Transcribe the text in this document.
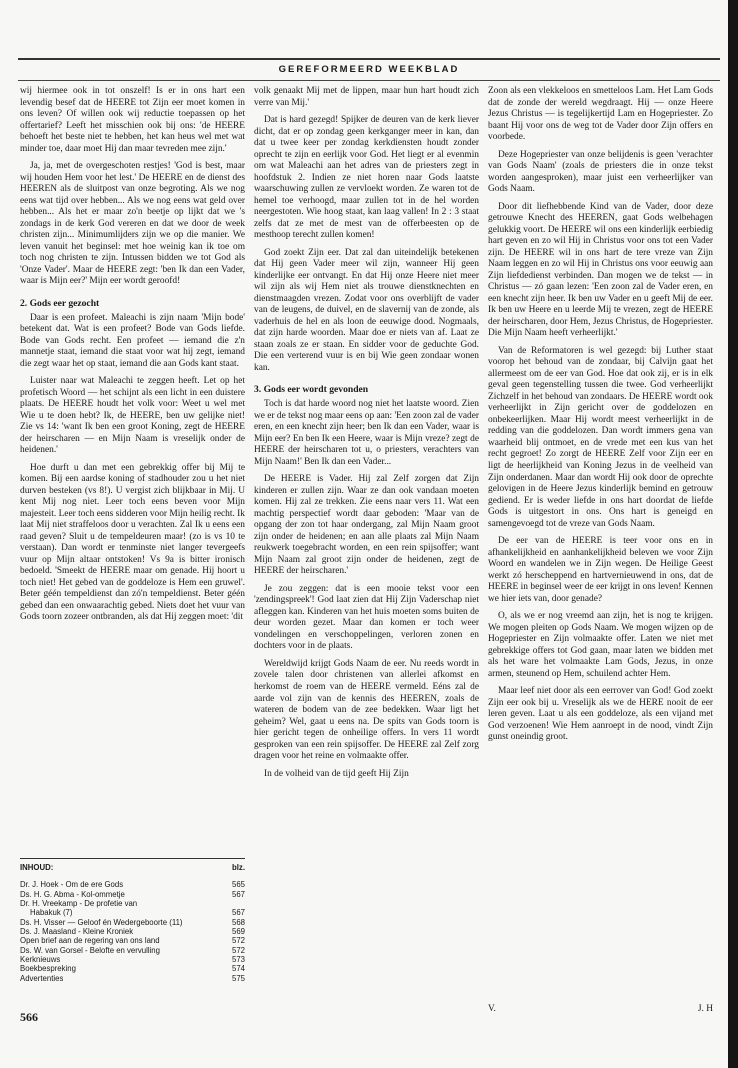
GEREFORMEERD WEEKBLAD

wij hiermee ook in tot onszelf! Is er in ons hart een levendig besef dat de HEERE tot Zijn eer moet komen in ons leven? Of willen ook wij reductie toepassen op het offertarief? Leeft het misschien ook bij ons: 'de HEERE behoeft het beste niet te hebben, het kan heus wel met wat minder toe, daar moet Hij dan maar tevreden mee zijn.'

Ja, ja, met de overgeschoten restjes! 'God is best, maar wij houden Hem voor het lest.' De HEERE en de dienst des HEEREN als de sluitpost van onze begroting. Als we nog eens wat tijd over hebben... Als we nog eens wat geld over hebben... Als het er maar zo'n beetje op lijkt dat we 's zondags in de kerk God vereren en dat we door de week christen zijn... Minimumlijders zijn we op die manier. We leven vanuit het beginsel: met hoe weinig kan ik toe om toch nog christen te zijn. Intussen bidden we tot God als 'Onze Vader'. Maar de HEERE zegt: 'ben Ik dan een Vader, waar is Mijn eer?' Mijn eer wordt geroofd!

2. Gods eer gezocht

Daar is een profeet. Maleachi is zijn naam 'Mijn bode' betekent dat. Wat is een profeet? Bode van Gods liefde. Bode van Gods recht. Een profeet — iemand die z'n mannetje staat, iemand die staat voor wat hij zegt, iemand die zegt waar het op staat, iemand die aan Gods kant staat.

Luister naar wat Maleachi te zeggen heeft. Let op het profetisch Woord — het schijnt als een licht in een duistere plaats. De HEERE houdt het volk voor: Weet u wel met Wie u te doen hebt? Ik, de HEERE, ben uw gelijke niet! Zie vs 14: 'want Ik ben een groot Koning, zegt de HEERE der heirscharen — en Mijn Naam is vreselijk onder de heidenen.'

Hoe durft u dan met een gebrekkig offer bij Mij te komen. Bij een aardse koning of stadhouder zou u het niet durven besteken (vs 8!). U vergist zich blijkbaar in Mij. U kent Mij nog niet. Leer toch eens beven voor Mijn majesteit. Leer toch eens sidderen voor Mijn heilig recht. Ik laat Mij niet straffeloos door u verachten. Zal Ik u eens een raad geven? Sluit u de tempeldeuren maar! (zo is vs 10 te verstaan). Dan wordt er tenminste niet langer tevergeefs vuur op Mijn altaar ontstoken! Vs 9a is bitter ironisch bedoeld. 'Smeekt de HEERE maar om genade. Hij hoort u toch niet! Het gebed van de goddeloze is Hem een gruwel'. Beter géén tempeldienst dan zó'n tempeldienst. Beter géén gebed dan een onwaarachtig gebed. Niets doet het vuur van Gods toorn zozeer ontbranden, als dat Hij zeggen moet: 'dit

INHOUD:	blz.
Dr. J. Hoek - Om de ere Gods	565
Ds. H. G. Abma - Kol-ommetje	567
Dr. H. Vreekamp - De profetie van
Habakuk (7)	567
Ds. H. Visser — Geloof én Wedergeboorte (11)	568
Ds. J. Maasland - Kleine Kroniek	569
Open brief aan de regering van ons land	572
Ds. W. van Gorsel - Belofte en vervulling	572
Kerknieuws	573
Boekbespreking	574
Advertenties	575
566

volk genaakt Mij met de lippen, maar hun hart houdt zich verre van Mij.'

Dat is hard gezegd! Spijker de deuren van de kerk liever dicht, dat er op zondag geen kerkganger meer in kan, dan dat u twee keer per zondag kerkdiensten houdt zonder oprecht te zijn en eerlijk voor God. Het liegt er al evenmin om wat Maleachi aan het adres van de priesters zegt in hoofdstuk 2. Indien ze niet horen naar Gods laatste waarschuwing zullen ze vervloekt worden. Ze waren tot de hemel toe verhoogd, maar zullen tot in de hel worden neergestoten. Wie hoog staat, kan laag vallen! In 2 : 3 staat zelfs dat ze met de mest van de offerbeesten op de mesthoop terecht zullen komen!

God zoekt Zijn eer. Dat zal dan uiteindelijk betekenen dat Hij geen Vader meer wil zijn, wanneer Hij geen kinderlijke eer ontvangt. En dat Hij onze Heere niet meer wil zijn als wij Hem niet als trouwe dienstknechten en dienstmaagden vrezen. Zodat voor ons overblijft de vader van de leugens, de duivel, en de slavernij van de zonde, als vaderhuis de hel en als loon de eeuwige dood. Nogmaals, dat zijn harde woorden. Maar doe er niets van af. Laat ze staan zoals ze er staan. En sidder voor de geduchte God. Die een verterend vuur is en bij Wie geen zondaar wonen kan.

3. Gods eer wordt gevonden

Toch is dat harde woord nog niet het laatste woord. Zien we er de tekst nog maar eens op aan: 'Een zoon zal de vader eren, en een knecht zijn heer; ben Ik dan een Vader, waar is Mijn eer? En ben Ik een Heere, waar is Mijn vreze? zegt de HEERE der heirscharen tot u, o priesters, verachters van Mijn Naam!' Ben Ik dan een Vader...

De HEERE is Vader. Hij zal Zelf zorgen dat Zijn kinderen er zullen zijn. Waar ze dan ook vandaan moeten komen. Hij zal ze trekken. Zie eens naar vers 11. Wat een machtig perspectief wordt daar geboden: 'Maar van de opgang der zon tot haar ondergang, zal Mijn Naam groot zijn onder de heidenen; en aan alle plaats zal Mijn Naam reukwerk toegebracht worden, en een rein spijsoffer; want Mijn Naam zal groot zijn onder de heidenen, zegt de HEERE der heirscharen.'

Je zou zeggen: dat is een mooie tekst voor een 'zendingspreek'! God laat zien dat Hij Zijn Vaderschap niet afleggen kan. Kinderen van het huis moeten soms buiten de deur worden gezet. Maar dan komen er toch weer vondelingen en verschoppelingen, verloren zonen en dochters voor in de plaats.

Wereldwijd krijgt Gods Naam de eer. Nu reeds wordt in zovele talen door christenen van allerlei afkomst en herkomst de roem van de HEERE vermeld. Eéns zal de aarde vol zijn van de kennis des HEEREN, zoals de wateren de bodem van de zee bedekken. Waar ligt het geheim? Wel, gaat u eens na. De spits van Gods toorn is hier gericht tegen de onheilige offers. In vers 11 wordt gesproken van een rein spijsoffer. De HEERE zal Zelf zorg dragen voor het reine en volmaakte offer.

In de volheid van de tijd geeft Hij Zijn

Zoon als een vlekkeloos en smetteloos Lam. Het Lam Gods dat de zonde der wereld wegdraagt. Hij — onze Heere Jezus Christus — is tegelijkertijd Lam en Hogepriester. Zo baant Hij voor ons de weg tot de Vader door Zijn offers en voorbede.

Deze Hogepriester van onze belijdenis is geen 'verachter van Gods Naam' (zoals de priesters die in onze tekst worden aangesproken), maar juist een verheerlijker van Gods Naam.

Door dit liefhebbende Kind van de Vader, door deze getrouwe Knecht des HEEREN, gaat Gods welbehagen gelukkig voort. De HEERE wil ons een kinderlijk eerbiedig hart geven en zo wil Hij in Christus voor ons tot een Vader zijn. De HEERE wil in ons hart de tere vreze van Zijn Naam leggen en zo wil Hij in Christus ons voor eeuwig aan Zijn liefdedienst verbinden. Dan mogen we de tekst — in Christus — zó gaan lezen: 'Een zoon zal de Vader eren, en een knecht zijn heer. Ik ben uw Vader en u geeft Mij de eer. Ik ben uw Heere en u leerde Mij te vrezen, zegt de HEERE der heirscharen, door Hem, Jezus Christus, de Hogepriester. Die Mijn Naam heeft verheerlijkt.'

Van de Reformatoren is wel gezegd: bij Luther staat voorop het behoud van de zondaar, bij Calvijn gaat het allermeest om de eer van God. Hoe dat ook zij, er is in elk geval geen tegenstelling tussen die twee. God verheerlijkt Zichzelf in het behoud van zondaars. De HEERE wordt ook verheerlijkt in Zijn gericht over de goddelozen en onbekeerlijken. Maar Hij wordt meest verheerlijkt in de redding van die goddelozen. Dan wordt immers gena van waarheid blij ontmoet, en de vrede met een kus van het recht gegroet! Zo zorgt de HEERE Zelf voor Zijn eer en ligt de heerlijkheid van Koning Jezus in de veelheid van Zijn onderdanen. Maar dan wordt Hij ook door de oprechte gelovigen in de Heere Jezus kinderlijk bemind en getrouw gediend. Er is weder liefde in ons hart doordat de liefde Gods is uitgestort in ons. Ons hart is geneigd en samengevoegd tot de vreze van Gods Naam.

De eer van de HEERE is teer voor ons en in afhankelijkheid en aanhankelijkheid beleven we voor Zijn Woord en wandelen we in Zijn wegen. De Heilige Geest werkt zó herscheppend en hartvernieuwend in ons, dat de HEERE in beginsel weer de eer krijgt in ons leven! Kennen we hier iets van, door genade?

O, als we er nog vreemd aan zijn, het is nog te krijgen. We mogen pleiten op Gods Naam. We mogen wijzen op de Hogepriester en Zijn volmaakte offer. Laten we niet met gebrekkige offers tot God gaan, maar laten we bidden met als het ware het volmaakte Lam Gods, Jezus, in onze armen, steunend op Hem, schuilend achter Hem.

Maar leef niet door als een eerrover van God! God zoekt Zijn eer ook bij u. Vreselijk als we de HERE nooit de eer leren geven. Laat u als een goddeloze, als een vijand met God verzoenen! Wie Hem aanroept in de nood, vindt Zijn gunst oneindig groot.

V.	J. H
